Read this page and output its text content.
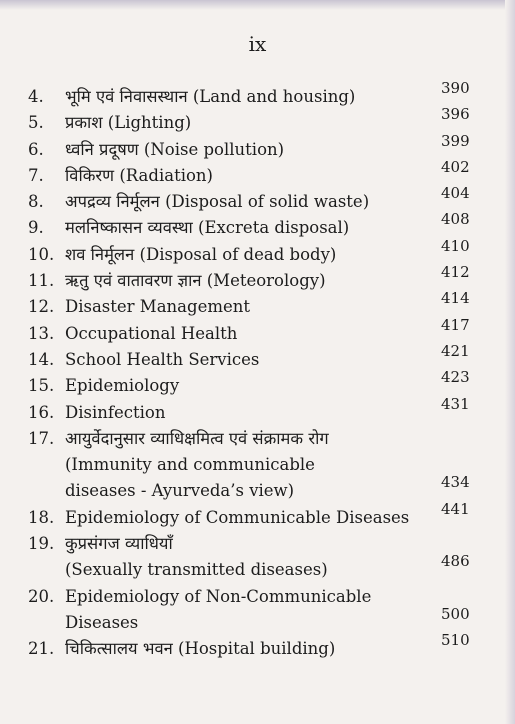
ix
4.	भूमि एवं निवासस्थान (Land and housing)	390
5.	प्रकाश (Lighting)	396
6.	ध्वनि प्रदूषण (Noise pollution)	399
7.	विकिरण (Radiation)	402
8.	अपद्रव्य निर्मूलन (Disposal of solid waste)	404
9.	मलनिष्कासन व्यवस्था (Excreta disposal)	408
10. शव निर्मूलन (Disposal of dead body)	410
11. ऋतु एवं वातावरण ज्ञान (Meteorology)	412
12. Disaster Management	414
13. Occupational Health	417
14. School Health Services	421
15. Epidemiology	423
16. Disinfection	431
17. आयुर्वेदानुसार व्याधिक्षमित्व एवं संक्रामक रोग
(Immunity and communicable
diseases - Ayurveda’s view)	434
18. Epidemiology of Communicable Diseases	441
19. कुप्रसंगज व्याधियाँ
(Sexually transmitted diseases)	486
20. Epidemiology of Non-Communicable
Diseases	500
21. चिकित्सालय भवन (Hospital building)	510
